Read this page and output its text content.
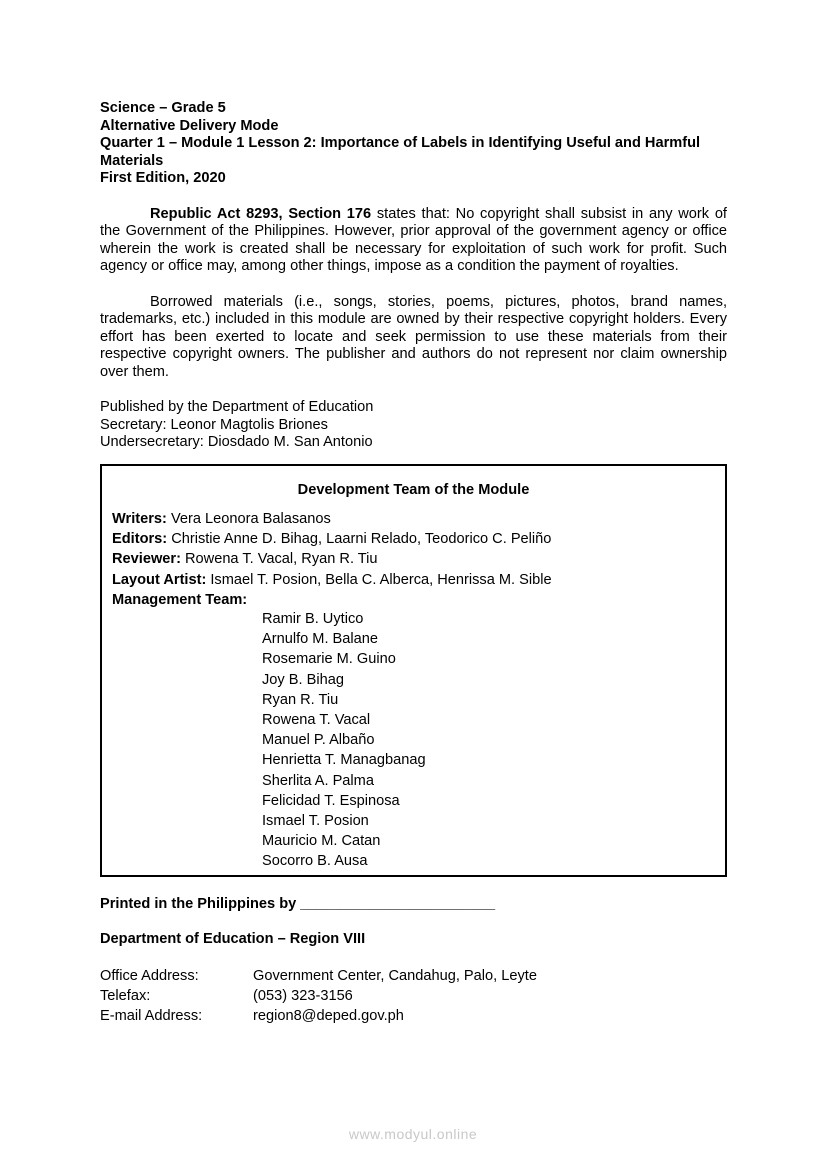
Science – Grade 5
Alternative Delivery Mode
Quarter 1 – Module 1 Lesson 2: Importance of Labels in Identifying Useful and Harmful
Materials
First Edition, 2020
Republic Act 8293, Section 176 states that: No copyright shall subsist in any work of the Government of the Philippines. However, prior approval of the government agency or office wherein the work is created shall be necessary for exploitation of such work for profit. Such agency or office may, among other things, impose as a condition the payment of royalties.
Borrowed materials (i.e., songs, stories, poems, pictures, photos, brand names, trademarks, etc.) included in this module are owned by their respective copyright holders. Every effort has been exerted to locate and seek permission to use these materials from their respective copyright owners. The publisher and authors do not represent nor claim ownership over them.
Published by the Department of Education
Secretary: Leonor Magtolis Briones
Undersecretary: Diosdado M. San Antonio
Development Team of the Module
Writers: Vera Leonora Balasanos
Editors: Christie Anne D. Bihag, Laarni Relado, Teodorico C. Peliño
Reviewer: Rowena T. Vacal, Ryan R. Tiu
Layout Artist: Ismael T. Posion, Bella C. Alberca, Henrissa M. Sible
Management Team:
Ramir B. Uytico
Arnulfo M. Balane
Rosemarie M. Guino
Joy B. Bihag
Ryan R. Tiu
Rowena T. Vacal
Manuel P. Albaño
Henrietta T. Managbanag
Sherlita A. Palma
Felicidad T. Espinosa
Ismael T. Posion
Mauricio M. Catan
Socorro B. Ausa
Printed in the Philippines by ________________________
Department of Education – Region VIII
Office Address:	Government Center, Candahug, Palo, Leyte
Telefax:	(053) 323-3156
E-mail Address:	region8@deped.gov.ph
www.modyul.online
